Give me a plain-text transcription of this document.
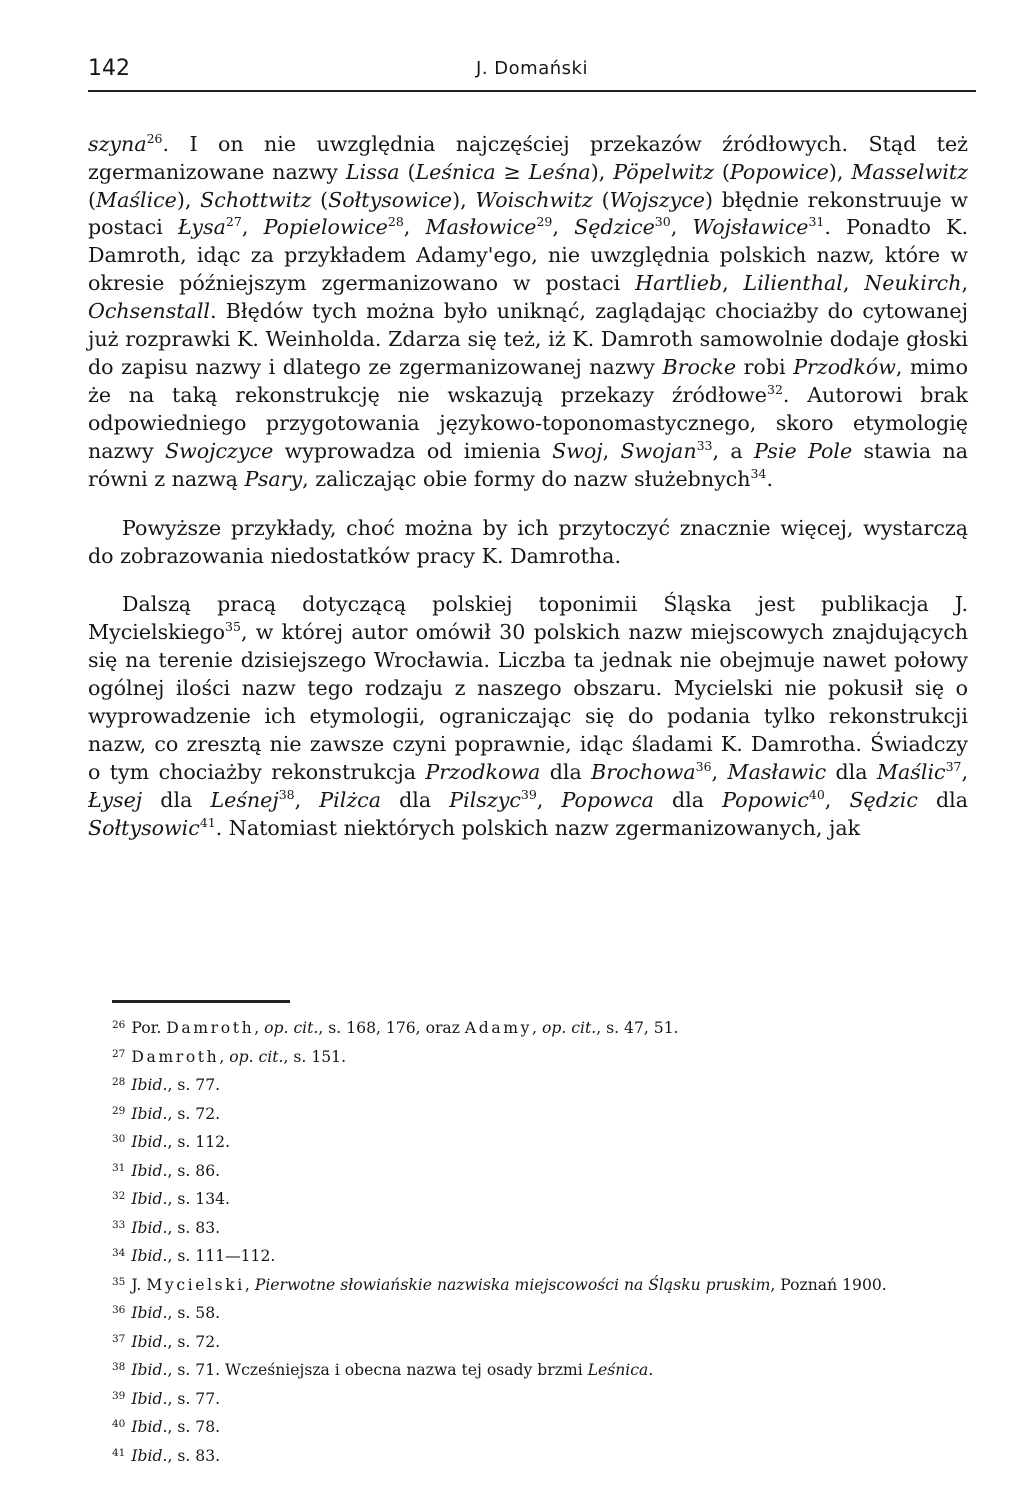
142	J. Domański

szyna$^{26}$. I on nie uwzględnia najczęściej przekazów źródłowych. Stąd też zgermanizowane nazwy Lissa (Leśnica ≥ Leśna), Pöpelwitz (Popowice), Masselwitz (Maślice), Schottwitz (Sołtysowice), Woischwitz (Wojszyce) błędnie rekonstruuje w postaci Łysa$^{27}$, Popielowice$^{28}$, Masłowice$^{29}$, Sędzice$^{30}$, Wojsławice$^{31}$. Ponadto K. Damroth, idąc za przykładem Adamy'ego, nie uwzględnia polskich nazw, które w okresie późniejszym zgermanizowano w postaci Hartlieb, Lilienthal, Neukirch, Ochsenstall. Błędów tych można było uniknąć, zaglądając chociażby do cytowanej już rozprawki K. Weinholda. Zdarza się też, iż K. Damroth samowolnie dodaje głoski do zapisu nazwy i dlatego ze zgermanizowanej nazwy Brocke robi Przodków, mimo że na taką rekonstrukcję nie wskazują przekazy źródłowe$^{32}$. Autorowi brak odpowiedniego przygotowania językowo-toponomastycznego, skoro etymologię nazwy Swojczyce wyprowadza od imienia Swoj, Swojan$^{33}$, a Psie Pole stawia na równi z nazwą Psary, zaliczając obie formy do nazw służebnych$^{34}$.

Powyższe przykłady, choć można by ich przytoczyć znacznie więcej, wystarczą do zobrazowania niedostatków pracy K. Damrotha.

Dalszą pracą dotyczącą polskiej toponimii Śląska jest publikacja J. Mycielskiego$^{35}$, w której autor omówił 30 polskich nazw miejscowych znajdujących się na terenie dzisiejszego Wrocławia. Liczba ta jednak nie obejmuje nawet połowy ogólnej ilości nazw tego rodzaju z naszego obszaru. Mycielski nie pokusił się o wyprowadzenie ich etymologii, ograniczając się do podania tylko rekonstrukcji nazw, co zresztą nie zawsze czyni poprawnie, idąc śladami K. Damrotha. Świadczy o tym chociażby rekonstrukcja Przodkowa dla Brochowa$^{36}$, Masławic dla Maślic$^{37}$, Łysej dla Leśnej$^{38}$, Pilżca dla Pilszyc$^{39}$, Popowca dla Popowic$^{40}$, Sędzic dla Sołtysowic$^{41}$. Natomiast niektórych polskich nazw zgermanizowanych, jak

$^{26}$ Por. Damroth, op. cit., s. 168, 176, oraz Adamy, op. cit., s. 47, 51.

$^{27}$ Damroth, op. cit., s. 151.

$^{28}$ Ibid., s. 77.

$^{29}$ Ibid., s. 72.

$^{30}$ Ibid., s. 112.

$^{31}$ Ibid., s. 86.

$^{32}$ Ibid., s. 134.

$^{33}$ Ibid., s. 83.

$^{34}$ Ibid., s. 111—112.

$^{35}$ J. Mycielski, Pierwotne słowiańskie nazwiska miejscowości na Śląsku pruskim, Poznań 1900.

$^{36}$ Ibid., s. 58.

$^{37}$ Ibid., s. 72.

$^{38}$ Ibid., s. 71. Wcześniejsza i obecna nazwa tej osady brzmi Leśnica.

$^{39}$ Ibid., s. 77.

$^{40}$ Ibid., s. 78.

$^{41}$ Ibid., s. 83.
